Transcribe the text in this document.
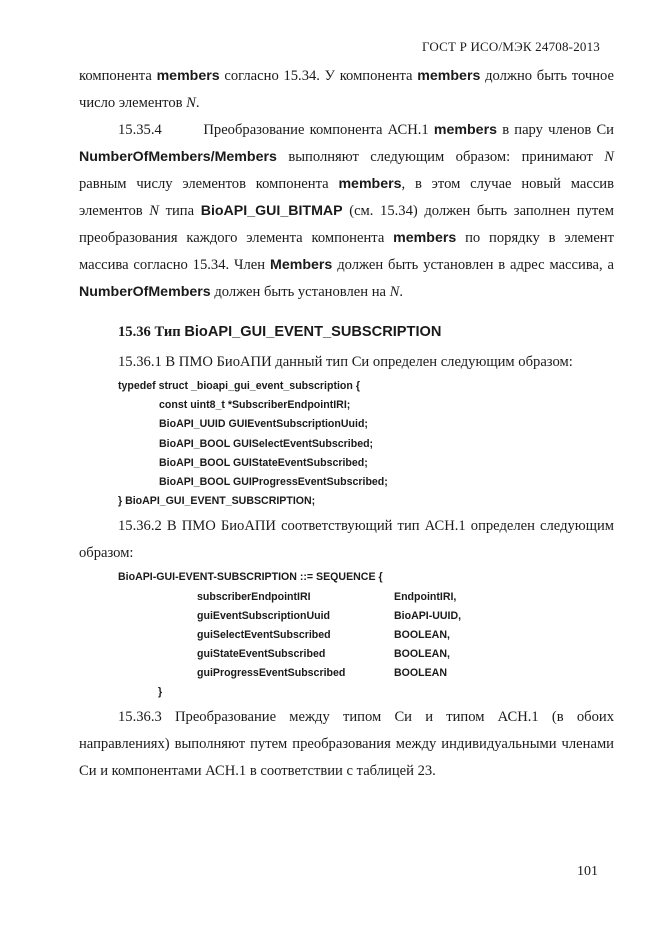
ГОСТ Р ИСО/МЭК 24708-2013

компонента members согласно 15.34. У компонента members должно быть точное число элементов N.

15.35.4	Преобразование компонента АСН.1 members в пару членов Си NumberOfMembers/Members выполняют следующим образом: принимают N равным числу элементов компонента members, в этом случае новый массив элементов N типа BioAPI_GUI_BITMAP (см. 15.34) должен быть заполнен путем преобразования каждого элемента компонента members по порядку в элемент массива согласно 15.34. Член Members должен быть установлен в адрес массива, а NumberOfMembers должен быть установлен на N.

15.36 Тип BioAPI_GUI_EVENT_SUBSCRIPTION

15.36.1 В ПМО БиоАПИ данный тип Си определен следующим образом:

typedef struct _bioapi_gui_event_subscription {

const uint8_t *SubscriberEndpointIRI;

BioAPI_UUID GUIEventSubscriptionUuid;

BioAPI_BOOL GUISelectEventSubscribed;

BioAPI_BOOL GUIStateEventSubscribed;

BioAPI_BOOL GUIProgressEventSubscribed;

} BioAPI_GUI_EVENT_SUBSCRIPTION;

15.36.2 В ПМО БиоАПИ соответствующий тип АСН.1 определен следующим образом:

BioAPI-GUI-EVENT-SUBSCRIPTION ::= SEQUENCE {

subscriberEndpointIRI	EndpointIRI,

guiEventSubscriptionUuid	BioAPI-UUID,

guiSelectEventSubscribed	BOOLEAN,

guiStateEventSubscribed	BOOLEAN,

guiProgressEventSubscribed	BOOLEAN

}

15.36.3 Преобразование между типом Си и типом АСН.1 (в обоих направлениях) выполняют путем преобразования между индивидуальными членами Си и компонентами АСН.1 в соответствии с таблицей 23.

101
